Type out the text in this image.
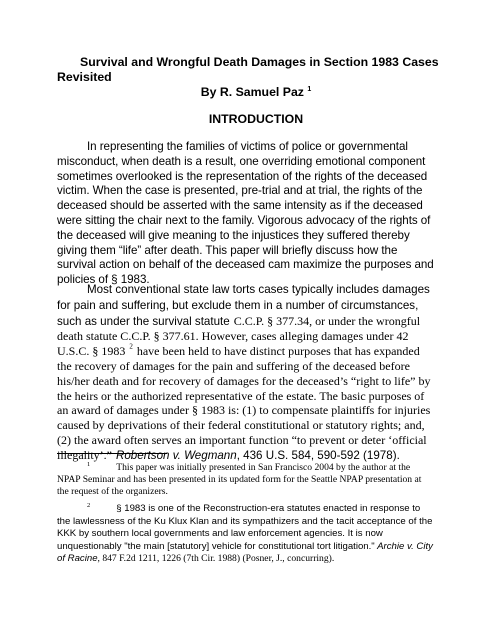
Survival and Wrongful Death Damages in Section 1983 Cases Revisited
By R. Samuel Paz $^1$
INTRODUCTION
In representing the families of victims of police or governmental misconduct, when death is a result, one overriding emotional component sometimes overlooked is the representation of the rights of the deceased victim. When the case is presented, pre-trial and at trial, the rights of the deceased should be asserted with the same intensity as if the deceased were sitting the chair next to the family. Vigorous advocacy of the rights of the deceased will give meaning to the injustices they suffered thereby giving them “life” after death. This paper will briefly discuss how the survival action on behalf of the deceased cam maximize the purposes and policies of § 1983.
Most conventional state law torts cases typically includes damages for pain and suffering, but exclude them in a number of circumstances, such as under the survival statute C.C.P. § 377.34, or under the wrongful death statute C.C.P. § 377.61. However, cases alleging damages under 42 U.S.C. § 1983 $^2$ have been held to have distinct purposes that has expanded the recovery of damages for the pain and suffering of the deceased before his/her death and for recovery of damages for the deceased’s “right to life” by the heirs or the authorized representative of the estate. The basic purposes of an award of damages under § 1983 is: (1) to compensate plaintiffs for injuries caused by deprivations of their federal constitutional or statutory rights; and, (2) the award often serves an important function “to prevent or deter ‘official illegality’.” Robertson v. Wegmann, 436 U.S. 584, 590-592 (1978).
$^1$	This paper was initially presented in San Francisco 2004 by the author at the NPAP Seminar and has been presented in its updated form for the Seattle NPAP presentation at the request of the organizers.
$^2$	§ 1983 is one of the Reconstruction-era statutes enacted in response to the lawlessness of the Ku Klux Klan and its sympathizers and the tacit acceptance of the KKK by southern local governments and law enforcement agencies. It is now unquestionably "the main [statutory] vehicle for constitutional tort litigation." Archie v. City of Racine, 847 F.2d 1211, 1226 (7th Cir. 1988) (Posner, J., concurring).
